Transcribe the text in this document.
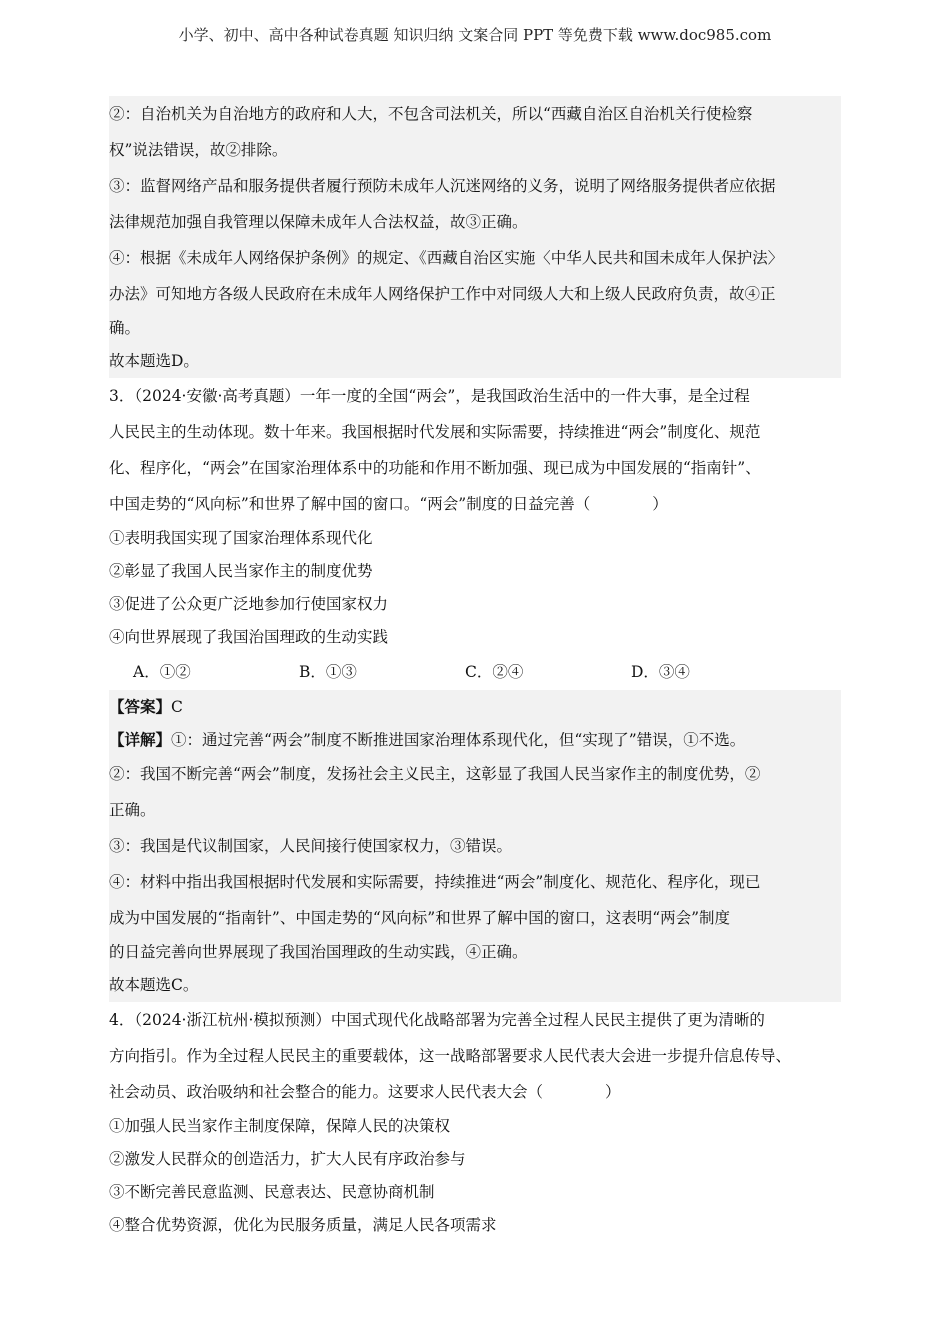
小学、初中、高中各种试卷真题 知识归纳 文案合同 PPT 等免费下载 www.doc985.com
②：自治机关为自治地方的政府和人大，不包含司法机关，所以“西藏自治区自治机关行使检察
权”说法错误，故②排除。
③：监督网络产品和服务提供者履行预防未成年人沉迷网络的义务，说明了网络服务提供者应依据
法律规范加强自我管理以保障未成年人合法权益，故③正确。
④：根据《未成年人网络保护条例》的规定、《西藏自治区实施〈中华人民共和国未成年人保护法〉
办法》可知地方各级人民政府在未成年人网络保护工作中对同级人大和上级人民政府负责，故④正
确。
故本题选D。
3．（2024·安徽·高考真题）一年一度的全国“两会”，是我国政治生活中的一件大事，是全过程
人民民主的生动体现。数十年来。我国根据时代发展和实际需要，持续推进“两会”制度化、规范
化、程序化，“两会”在国家治理体系中的功能和作用不断加强、现已成为中国发展的“指南针”、
中国走势的“风向标”和世界了解中国的窗口。“两会”制度的日益完善（　　　　）
①表明我国实现了国家治理体系现代化
②彰显了我国人民当家作主的制度优势
③促进了公众更广泛地参加行使国家权力
④向世界展现了我国治国理政的生动实践
A．①②	B．①③	C．②④	D．③④
【答案】C
【详解】①：通过完善“两会”制度不断推进国家治理体系现代化，但“实现了”错误，①不选。
②：我国不断完善“两会”制度，发扬社会主义民主，这彰显了我国人民当家作主的制度优势，②
正确。
③：我国是代议制国家，人民间接行使国家权力，③错误。
④：材料中指出我国根据时代发展和实际需要，持续推进“两会”制度化、规范化、程序化，现已
成为中国发展的“指南针”、中国走势的“风向标”和世界了解中国的窗口，这表明“两会”制度
的日益完善向世界展现了我国治国理政的生动实践，④正确。
故本题选C。
4．（2024·浙江杭州·模拟预测）中国式现代化战略部署为完善全过程人民民主提供了更为清晰的
方向指引。作为全过程人民民主的重要载体，这一战略部署要求人民代表大会进一步提升信息传导、
社会动员、政治吸纳和社会整合的能力。这要求人民代表大会（　　　　）
①加强人民当家作主制度保障，保障人民的决策权
②激发人民群众的创造活力，扩大人民有序政治参与
③不断完善民意监测、民意表达、民意协商机制
④整合优势资源，优化为民服务质量，满足人民各项需求
